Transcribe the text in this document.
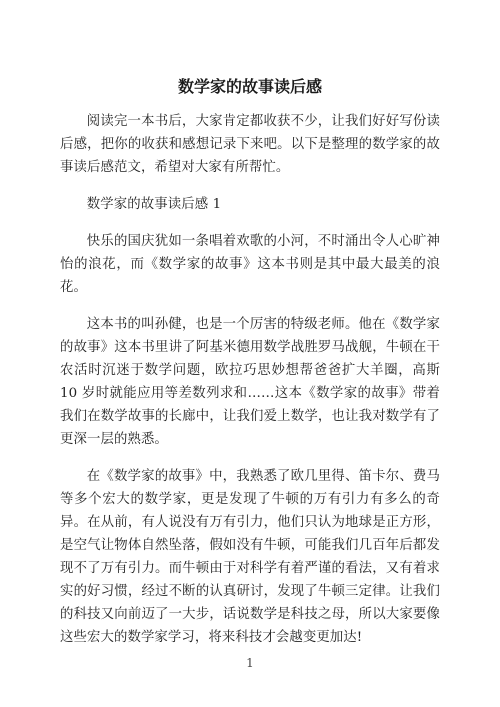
数学家的故事读后感

阅读完一本书后，大家肯定都收获不少，让我们好好写份读后感，把你的收获和感想记录下来吧。以下是整理的数学家的故事读后感范文，希望对大家有所帮忙。

数学家的故事读后感 1

快乐的国庆犹如一条唱着欢歌的小河，不时涌出令人心旷神怡的浪花，而《数学家的故事》这本书则是其中最大最美的浪花。

这本书的叫孙健，也是一个厉害的特级老师。他在《数学家的故事》这本书里讲了阿基米德用数学战胜罗马战舰，牛顿在干农活时沉迷于数学问题，欧拉巧思妙想帮爸爸扩大羊圈，高斯 10 岁时就能应用等差数列求和……这本《数学家的故事》带着我们在数学故事的长廊中，让我们爱上数学，也让我对数学有了更深一层的熟悉。

在《数学家的故事》中，我熟悉了欧几里得、笛卡尔、费马等多个宏大的数学家，更是发现了牛顿的万有引力有多么的奇异。在从前，有人说没有万有引力，他们只认为地球是正方形，是空气让物体自然坠落，假如没有牛顿，可能我们几百年后都发现不了万有引力。而牛顿由于对科学有着严谨的看法，又有着求实的好习惯，经过不断的认真研讨，发现了牛顿三定律。让我们的科技又向前迈了一大步，话说数学是科技之母，所以大家要像这些宏大的数学家学习，将来科技才会越变更加达!

1
